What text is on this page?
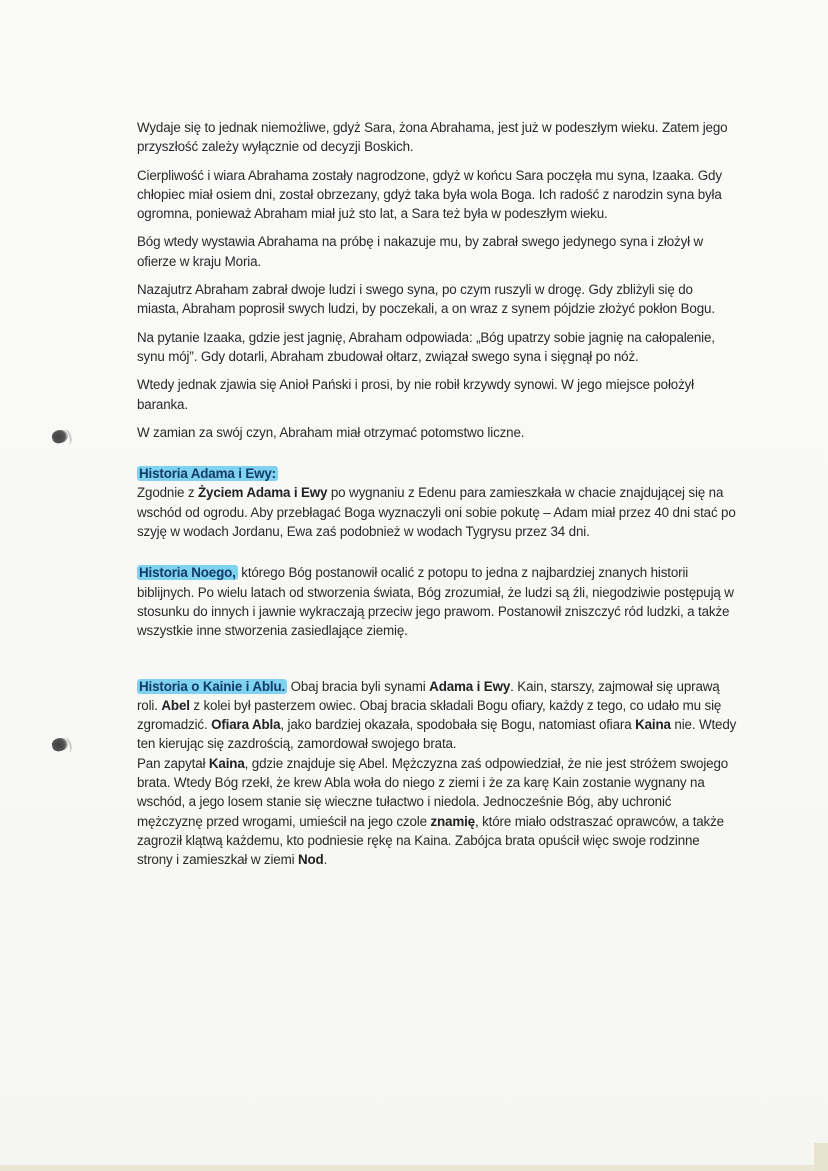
Wydaje się to jednak niemożliwe, gdyż Sara, żona Abrahama, jest już w podeszłym wieku. Zatem jego przyszłość zależy wyłącznie od decyzji Boskich.

Cierpliwość i wiara Abrahama zostały nagrodzone, gdyż w końcu Sara poczęła mu syna, Izaaka. Gdy chłopiec miał osiem dni, został obrzezany, gdyż taka była wola Boga. Ich radość z narodzin syna była ogromna, ponieważ Abraham miał już sto lat, a Sara też była w podeszłym wieku.

Bóg wtedy wystawia Abrahama na próbę i nakazuje mu, by zabrał swego jedynego syna i złożył w ofierze w kraju Moria.

Nazajutrz Abraham zabrał dwoje ludzi i swego syna, po czym ruszyli w drogę. Gdy zbliżyli się do miasta, Abraham poprosił swych ludzi, by poczekali, a on wraz z synem pójdzie złożyć pokłon Bogu.

Na pytanie Izaaka, gdzie jest jagnię, Abraham odpowiada: „Bóg upatrzy sobie jagnię na całopalenie, synu mój”. Gdy dotarli, Abraham zbudował ołtarz, związał swego syna i sięgnął po nóż.

Wtedy jednak zjawia się Anioł Pański i prosi, by nie robił krzywdy synowi. W jego miejsce położył baranka.

W zamian za swój czyn, Abraham miał otrzymać potomstwo liczne.

Historia Adama i Ewy:
Zgodnie z Życiem Adama i Ewy po wygnaniu z Edenu para zamieszkała w chacie znajdującej się na wschód od ogrodu. Aby przebłagać Boga wyznaczyli oni sobie pokutę – Adam miał przez 40 dni stać po szyję w wodach Jordanu, Ewa zaś podobnież w wodach Tygrysu przez 34 dni.
Historia Noego, którego Bóg postanowił ocalić z potopu to jedna z najbardziej znanych historii biblijnych. Po wielu latach od stworzenia świata, Bóg zrozumiał, że ludzi są źli, niegodziwie postępują w stosunku do innych i jawnie wykraczają przeciw jego prawom. Postanowił zniszczyć ród ludzki, a także wszystkie inne stworzenia zasiedlające ziemię.
Historia o Kainie i Ablu. Obaj bracia byli synami Adama i Ewy. Kain, starszy, zajmował się uprawą roli. Abel z kolei był pasterzem owiec. Obaj bracia składali Bogu ofiary, każdy z tego, co udało mu się zgromadzić. Ofiara Abla, jako bardziej okazała, spodobała się Bogu, natomiast ofiara Kaina nie. Wtedy ten kierując się zazdrością, zamordował swojego brata.
Pan zapytał Kaina, gdzie znajduje się Abel. Mężczyzna zaś odpowiedział, że nie jest stróżem swojego brata. Wtedy Bóg rzekł, że krew Abla woła do niego z ziemi i że za karę Kain zostanie wygnany na wschód, a jego losem stanie się wieczne tułactwo i niedola. Jednocześnie Bóg, aby uchronić mężczyznę przed wrogami, umieścił na jego czole znamię, które miało odstraszać oprawców, a także zagroził klątwą każdemu, kto podniesie rękę na Kaina. Zabójca brata opuścił więc swoje rodzinne strony i zamieszkał w ziemi Nod.
